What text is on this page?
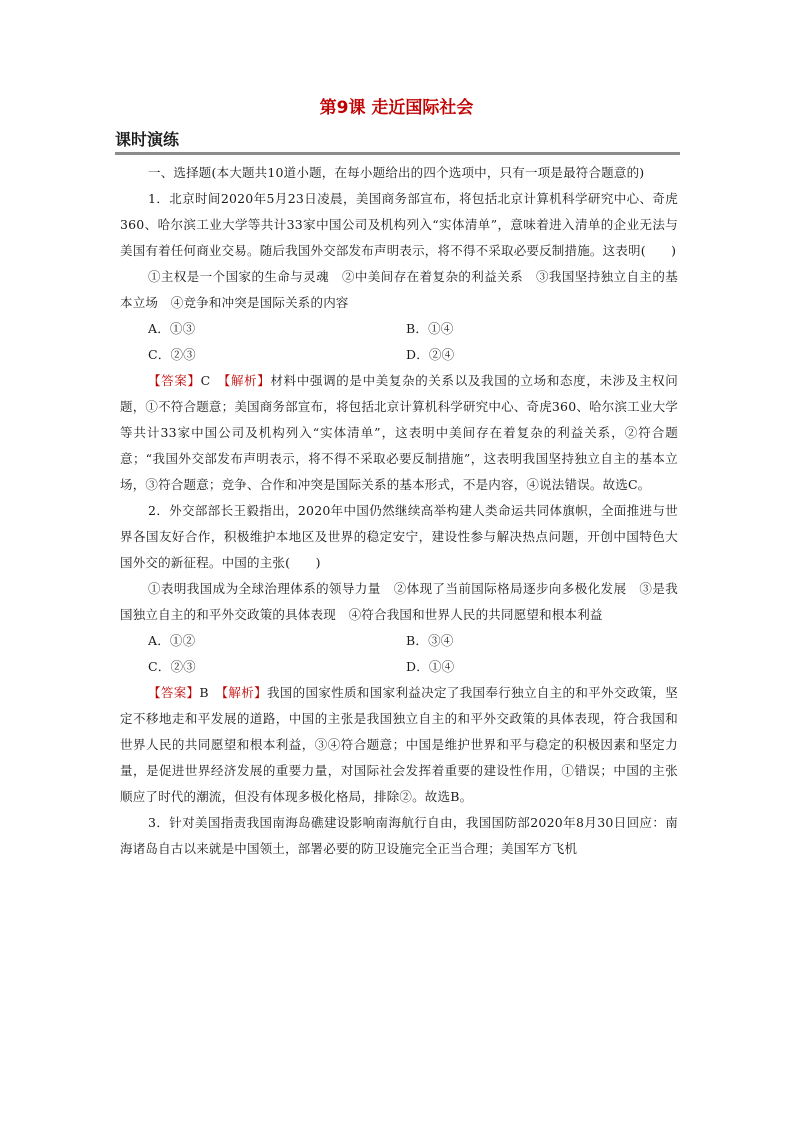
第9课 走近国际社会
课时演练

一、选择题(本大题共10道小题，在每小题给出的四个选项中，只有一项是最符合题意的)

1．北京时间2020年5月23日凌晨，美国商务部宣布，将包括北京计算机科学研究中心、奇虎360、哈尔滨工业大学等共计33家中国公司及机构列入“实体清单”，意味着进入清单的企业无法与美国有着任何商业交易。随后我国外交部发布声明表示，将不得不采取必要反制措施。这表明(　　)

①主权是一个国家的生命与灵魂　②中美间存在着复杂的利益关系　③我国坚持独立自主的基本立场　④竞争和冲突是国际关系的内容

A．①③	B．①④
C．②③	D．②④

【答案】C　 【解析】材料中强调的是中美复杂的关系以及我国的立场和态度，未涉及主权问题，①不符合题意；美国商务部宣布，将包括北京计算机科学研究中心、奇虎360、哈尔滨工业大学等共计33家中国公司及机构列入“实体清单”，这表明中美间存在着复杂的利益关系，②符合题意；“我国外交部发布声明表示，将不得不采取必要反制措施”，这表明我国坚持独立自主的基本立场，③符合题意；竞争、合作和冲突是国际关系的基本形式，不是内容，④说法错误。故选C。

2．外交部部长王毅指出，2020年中国仍然继续高举构建人类命运共同体旗帜，全面推进与世界各国友好合作，积极维护本地区及世界的稳定安宁，建设性参与解决热点问题，开创中国特色大国外交的新征程。中国的主张(　　)

①表明我国成为全球治理体系的领导力量　②体现了当前国际格局逐步向多极化发展　③是我国独立自主的和平外交政策的具体表现　④符合我国和世界人民的共同愿望和根本利益

A．①②	B．③④
C．②③	D．①④

【答案】B　 【解析】我国的国家性质和国家利益决定了我国奉行独立自主的和平外交政策，坚定不移地走和平发展的道路，中国的主张是我国独立自主的和平外交政策的具体表现，符合我国和世界人民的共同愿望和根本利益，③④符合题意；中国是维护世界和平与稳定的积极因素和坚定力量，是促进世界经济发展的重要力量，对国际社会发挥着重要的建设性作用，①错误；中国的主张顺应了时代的潮流，但没有体现多极化格局，排除②。故选B。

3．针对美国指责我国南海岛礁建设影响南海航行自由，我国国防部2020年8月30日回应：南海诸岛自古以来就是中国领土，部署必要的防卫设施完全正当合理；美国军方飞机
